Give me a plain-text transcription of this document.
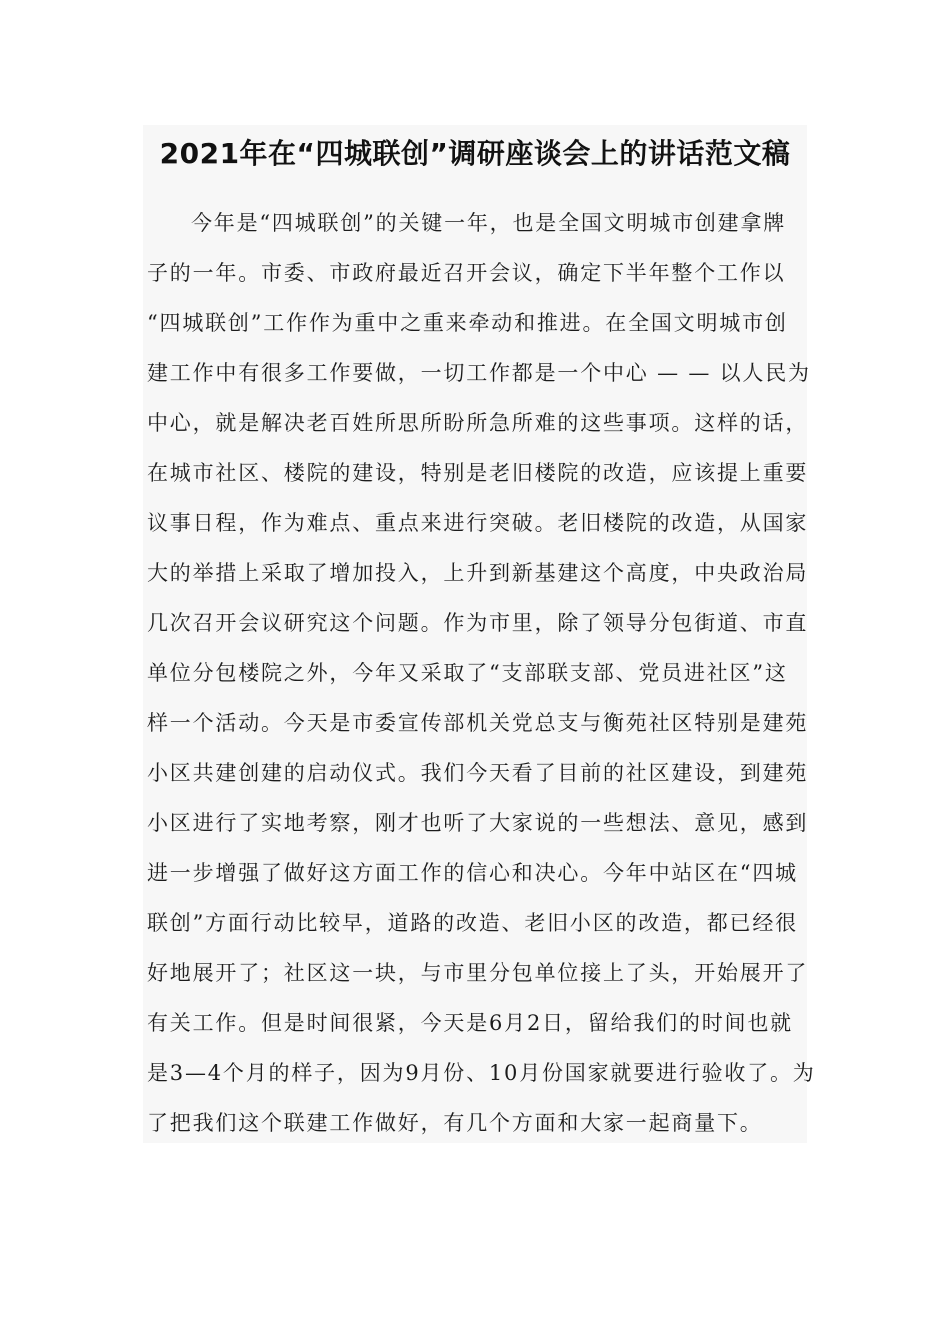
2021年在“四城联创”调研座谈会上的讲话范文稿
今年是“四城联创”的关键一年，也是全国文明城市创建拿牌
子的一年。市委、市政府最近召开会议，确定下半年整个工作以
“四城联创”工作作为重中之重来牵动和推进。在全国文明城市创
建工作中有很多工作要做，一切工作都是一个中心 — — 以人民为
中心，就是解决老百姓所思所盼所急所难的这些事项。这样的话，
在城市社区、楼院的建设，特别是老旧楼院的改造，应该提上重要
议事日程，作为难点、重点来进行突破。老旧楼院的改造，从国家
大的举措上采取了增加投入，上升到新基建这个高度，中央政治局
几次召开会议研究这个问题。作为市里，除了领导分包街道、市直
单位分包楼院之外，今年又采取了“支部联支部、党员进社区”这
样一个活动。今天是市委宣传部机关党总支与衡苑社区特别是建苑
小区共建创建的启动仪式。我们今天看了目前的社区建设，到建苑
小区进行了实地考察，刚才也听了大家说的一些想法、意见，感到
进一步增强了做好这方面工作的信心和决心。今年中站区在“四城
联创”方面行动比较早，道路的改造、老旧小区的改造，都已经很
好地展开了；社区这一块，与市里分包单位接上了头，开始展开了
有关工作。但是时间很紧，今天是6月2日，留给我们的时间也就
是3—4个月的样子，因为9月份、10月份国家就要进行验收了。为
了把我们这个联建工作做好，有几个方面和大家一起商量下。
